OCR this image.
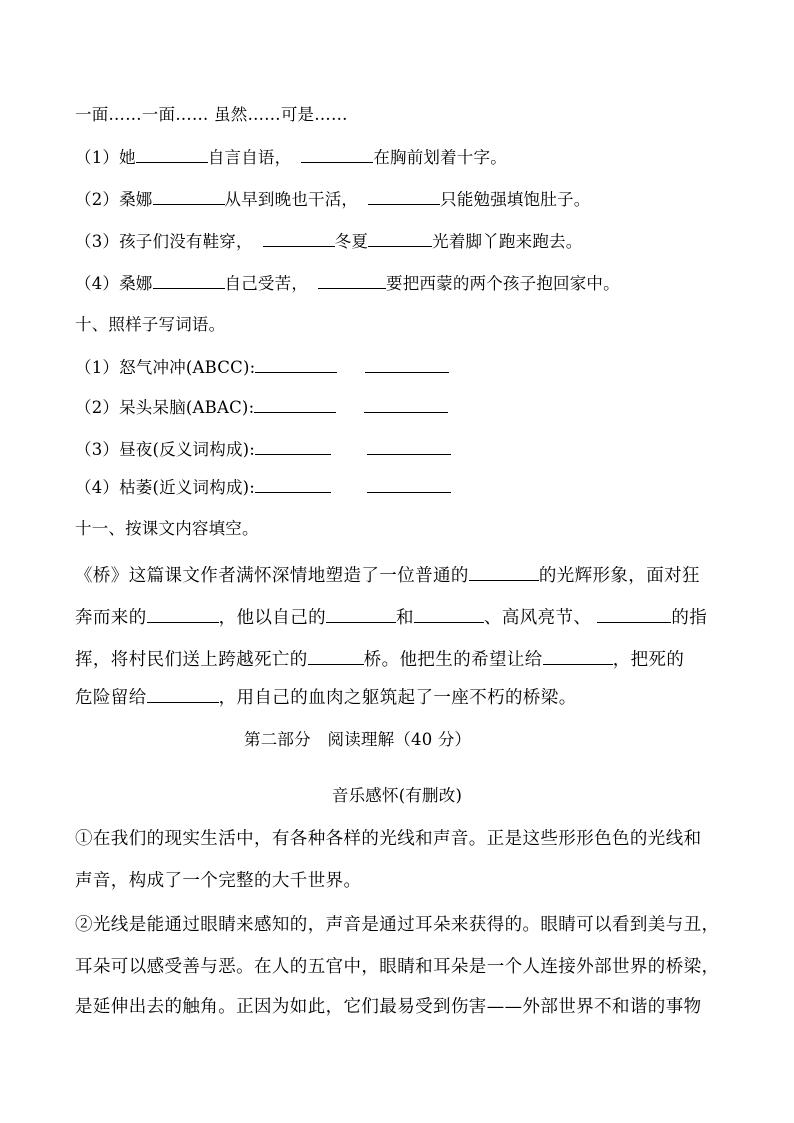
一面……一面…… 虽然……可是……
（1）她	自言自语，	在胸前划着十字。
（2）桑娜	从早到晚也干活，	只能勉强填饱肚子。
（3）孩子们没有鞋穿，	冬夏	光着脚丫跑来跑去。
（4）桑娜	自己受苦，	要把西蒙的两个孩子抱回家中。
十、照样子写词语。
（1）怒气冲冲(ABCC):
（2）呆头呆脑(ABAC):
（3）昼夜(反义词构成):
（4）枯萎(近义词构成):
十一、按课文内容填空。
《桥》这篇课文作者满怀深情地塑造了一位普通的	的光辉形象，面对狂
奔而来的	，他以自己的	和	、高风亮节、	的指
挥，将村民们送上跨越死亡的	桥。他把生的希望让给	，把死的
危险留给	，用自己的血肉之躯筑起了一座不朽的桥梁。
第二部分　阅读理解（40 分）
音乐感怀(有删改)
①在我们的现实生活中，有各种各样的光线和声音。正是这些形形色色的光线和
声音，构成了一个完整的大千世界。
②光线是能通过眼睛来感知的，声音是通过耳朵来获得的。眼睛可以看到美与丑，
耳朵可以感受善与恶。在人的五官中，眼睛和耳朵是一个人连接外部世界的桥梁，
是延伸出去的触角。正因为如此，它们最易受到伤害——外部世界不和谐的事物
